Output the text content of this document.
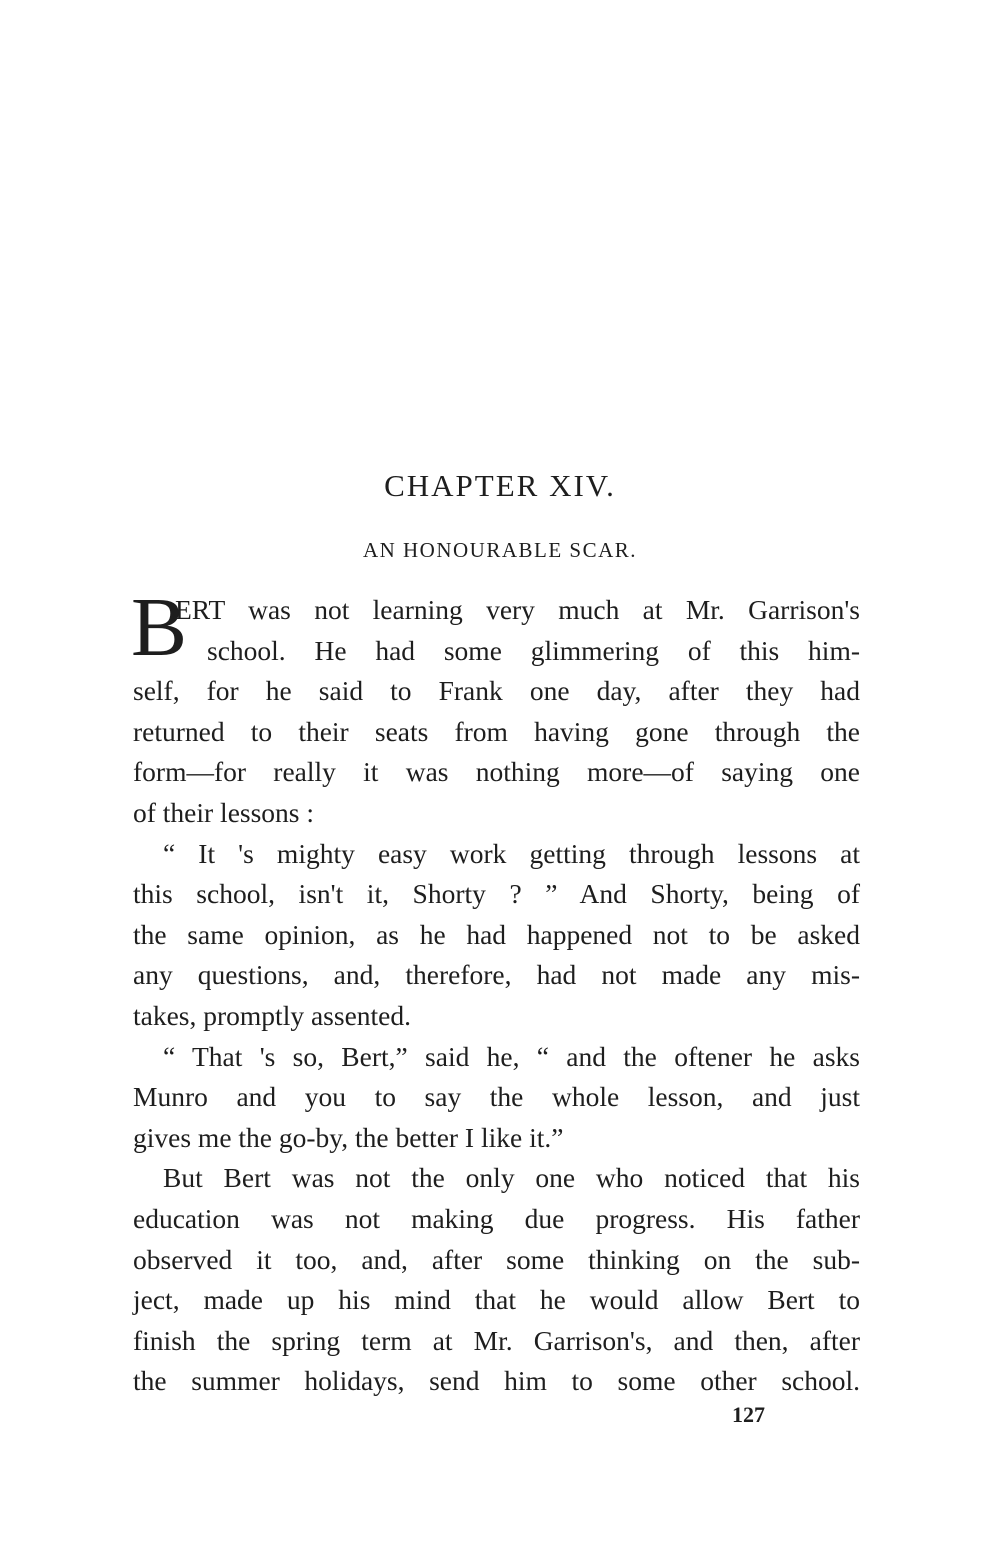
CHAPTER XIV.
AN HONOURABLE SCAR.
B
ERT was not learning very much at Mr. Garrison's
school. He had some glimmering of this him-
self, for he said to Frank one day, after they had
returned to their seats from having gone through the
form—for really it was nothing more—of saying one
of their lessons :
“ It 's mighty easy work getting through lessons at
this school, isn't it, Shorty ? ” And Shorty, being of
the same opinion, as he had happened not to be asked
any questions, and, therefore, had not made any mis-
takes, promptly assented.
“ That 's so, Bert,” said he, “ and the oftener he asks
Munro and you to say the whole lesson, and just
gives me the go-by, the better I like it.”
But Bert was not the only one who noticed that his
education was not making due progress. His father
observed it too, and, after some thinking on the sub-
ject, made up his mind that he would allow Bert to
finish the spring term at Mr. Garrison's, and then, after
the summer holidays, send him to some other school.
127
